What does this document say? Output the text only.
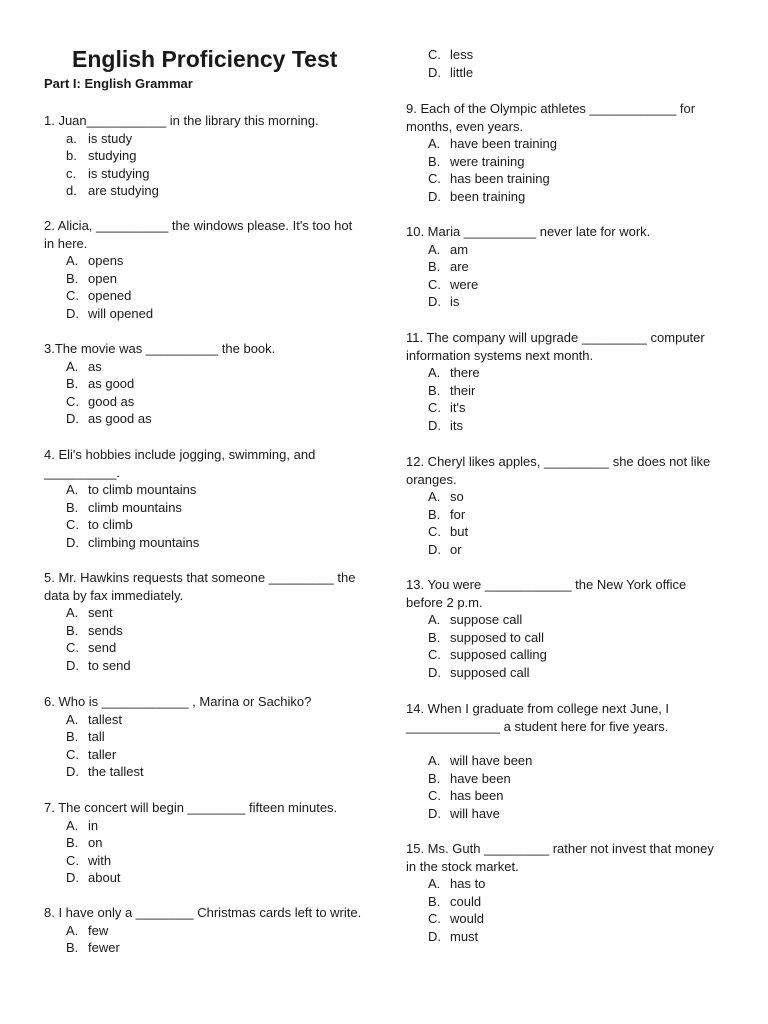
English Proficiency Test
Part I: English Grammar

1. Juan___________ in the library this morning.

a. is study
b. studying
c. is studying
d. are studying

2. Alicia, __________ the windows please. It's too hot in here.

A. opens
B. open
C. opened
D. will opened

3.The movie was __________ the book.

A. as
B. as good
C. good as
D. as good as

4. Eli's hobbies include jogging, swimming, and __________.

A. to climb mountains
B. climb mountains
C. to climb
D. climbing mountains

5. Mr. Hawkins requests that someone _________ the data by fax immediately.

A. sent
B. sends
C. send
D. to send

6. Who is ____________ , Marina or Sachiko?

A. tallest
B. tall
C. taller
D. the tallest

7. The concert will begin ________ fifteen minutes.

A. in
B. on
C. with
D. about

8. I have only a ________ Christmas cards left to write.

A. few
B. fewer
C. less
D. little

9. Each of the Olympic athletes ____________ for months, even years.

A. have been training
B. were training
C. has been training
D. been training

10. Maria __________ never late for work.

A. am
B. are
C. were
D. is

11. The company will upgrade _________ computer information systems next month.

A. there
B. their
C. it's
D. its

12. Cheryl likes apples, _________ she does not like oranges.

A. so
B. for
C. but
D. or

13. You were ____________ the New York office before 2 p.m.

A. suppose call
B. supposed to call
C. supposed calling
D. supposed call

14. When I graduate from college next June, I _____________ a student here for five years.

A. will have been
B. have been
C. has been
D. will have

15. Ms. Guth _________ rather not invest that money in the stock market.

A. has to
B. could
C. would
D. must
